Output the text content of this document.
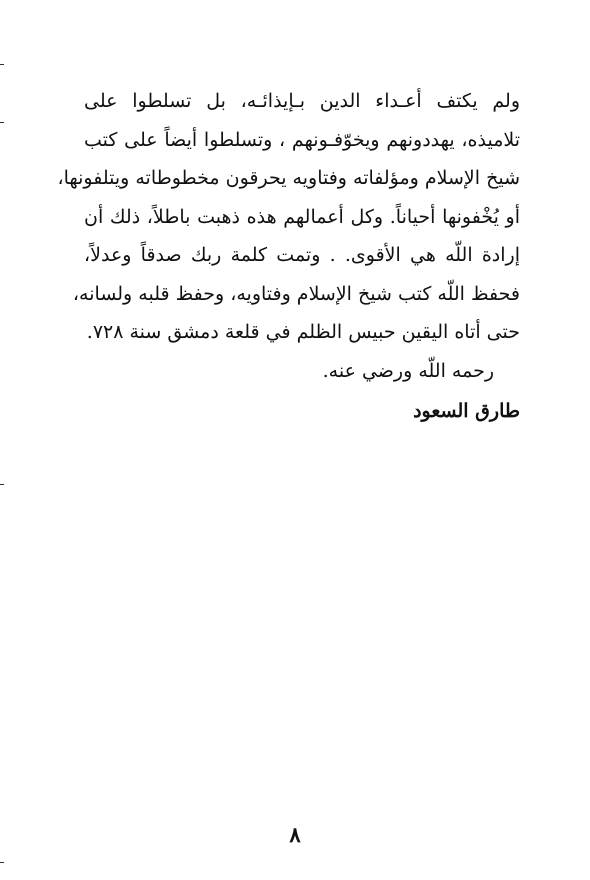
ولم يكتف أعـداء الدين بـإيذائـه، بل تسلطوا على
تلاميذه، يهددونهم ويخوّفـونهم ، وتسلطوا أيضاً على كتب
شيخ الإسلام ومؤلفاته وفتاويه يحرقون مخطوطاته ويتلفونها،
أو يُخْفونها أحياناً. وكل أعمالهم هذه ذهبت باطلاً، ذلك أن
إرادة اللّه هي الأقوى. . وتمت كلمة ربك صدقاً وعدلاً،
فحفظ اللّه كتب شيخ الإسلام وفتاويه، وحفظ قلبه ولسانه،
حتى أتاه اليقين حبيس الظلم في قلعة دمشق سنة ٧٢٨.
رحمه اللّه ورضي عنه.
طارق السعود
٨
